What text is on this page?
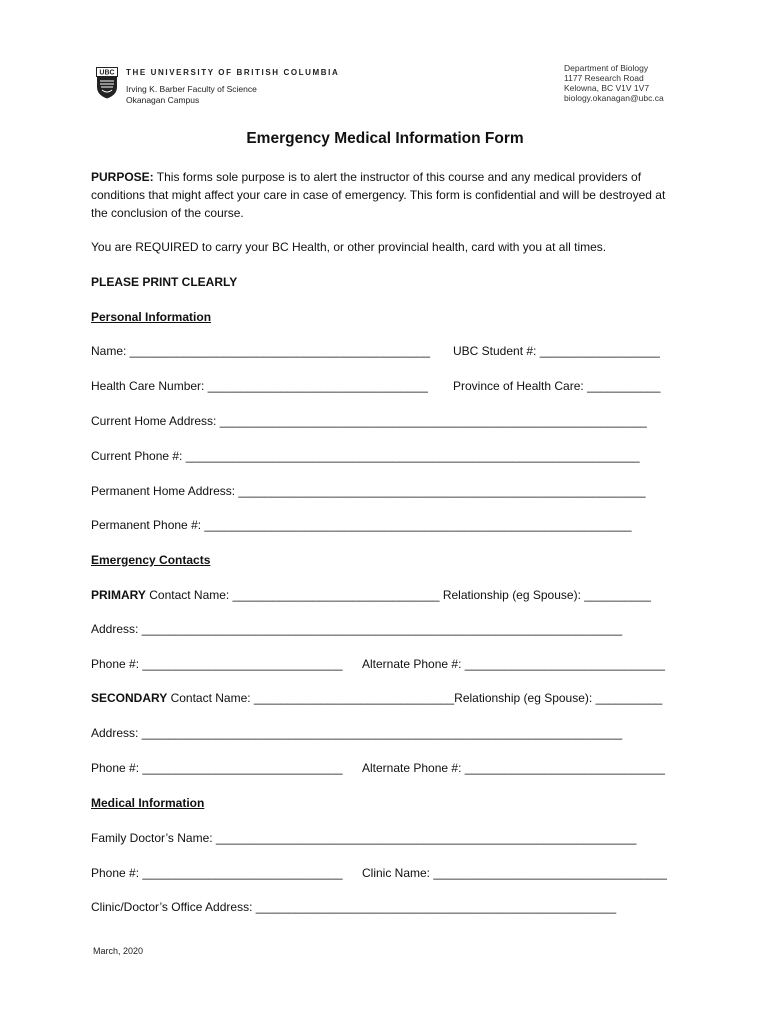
UBC THE UNIVERSITY OF BRITISH COLUMBIA
Irving K. Barber Faculty of Science
Okanagan Campus
Department of Biology
1177 Research Road
Kelowna, BC V1V 1V7
biology.okanagan@ubc.ca
Emergency Medical Information Form
PURPOSE: This forms sole purpose is to alert the instructor of this course and any medical providers of conditions that might affect your care in case of emergency. This form is confidential and will be destroyed at the conclusion of the course.
You are REQUIRED to carry your BC Health, or other provincial health, card with you at all times.
PLEASE PRINT CLEARLY
Personal Information
Name: _____________________________________________ UBC Student #: __________________
Health Care Number: _________________________________ Province of Health Care: ___________
Current Home Address: ________________________________________________________________
Current Phone #: ____________________________________________________________________
Permanent Home Address: _____________________________________________________________
Permanent Phone #: ________________________________________________________________
Emergency Contacts
PRIMARY Contact Name: _______________________________ Relationship (eg Spouse): __________
Address: ________________________________________________________________________
Phone #: ______________________________ Alternate Phone #: ______________________________
SECONDARY Contact Name: ______________________________Relationship (eg Spouse): __________
Address: ________________________________________________________________________
Phone #: ______________________________ Alternate Phone #: ______________________________
Medical Information
Family Doctor’s Name: _______________________________________________________________
Phone #: ______________________________ Clinic Name: ___________________________________
Clinic/Doctor’s Office Address: ______________________________________________________
March, 2020
